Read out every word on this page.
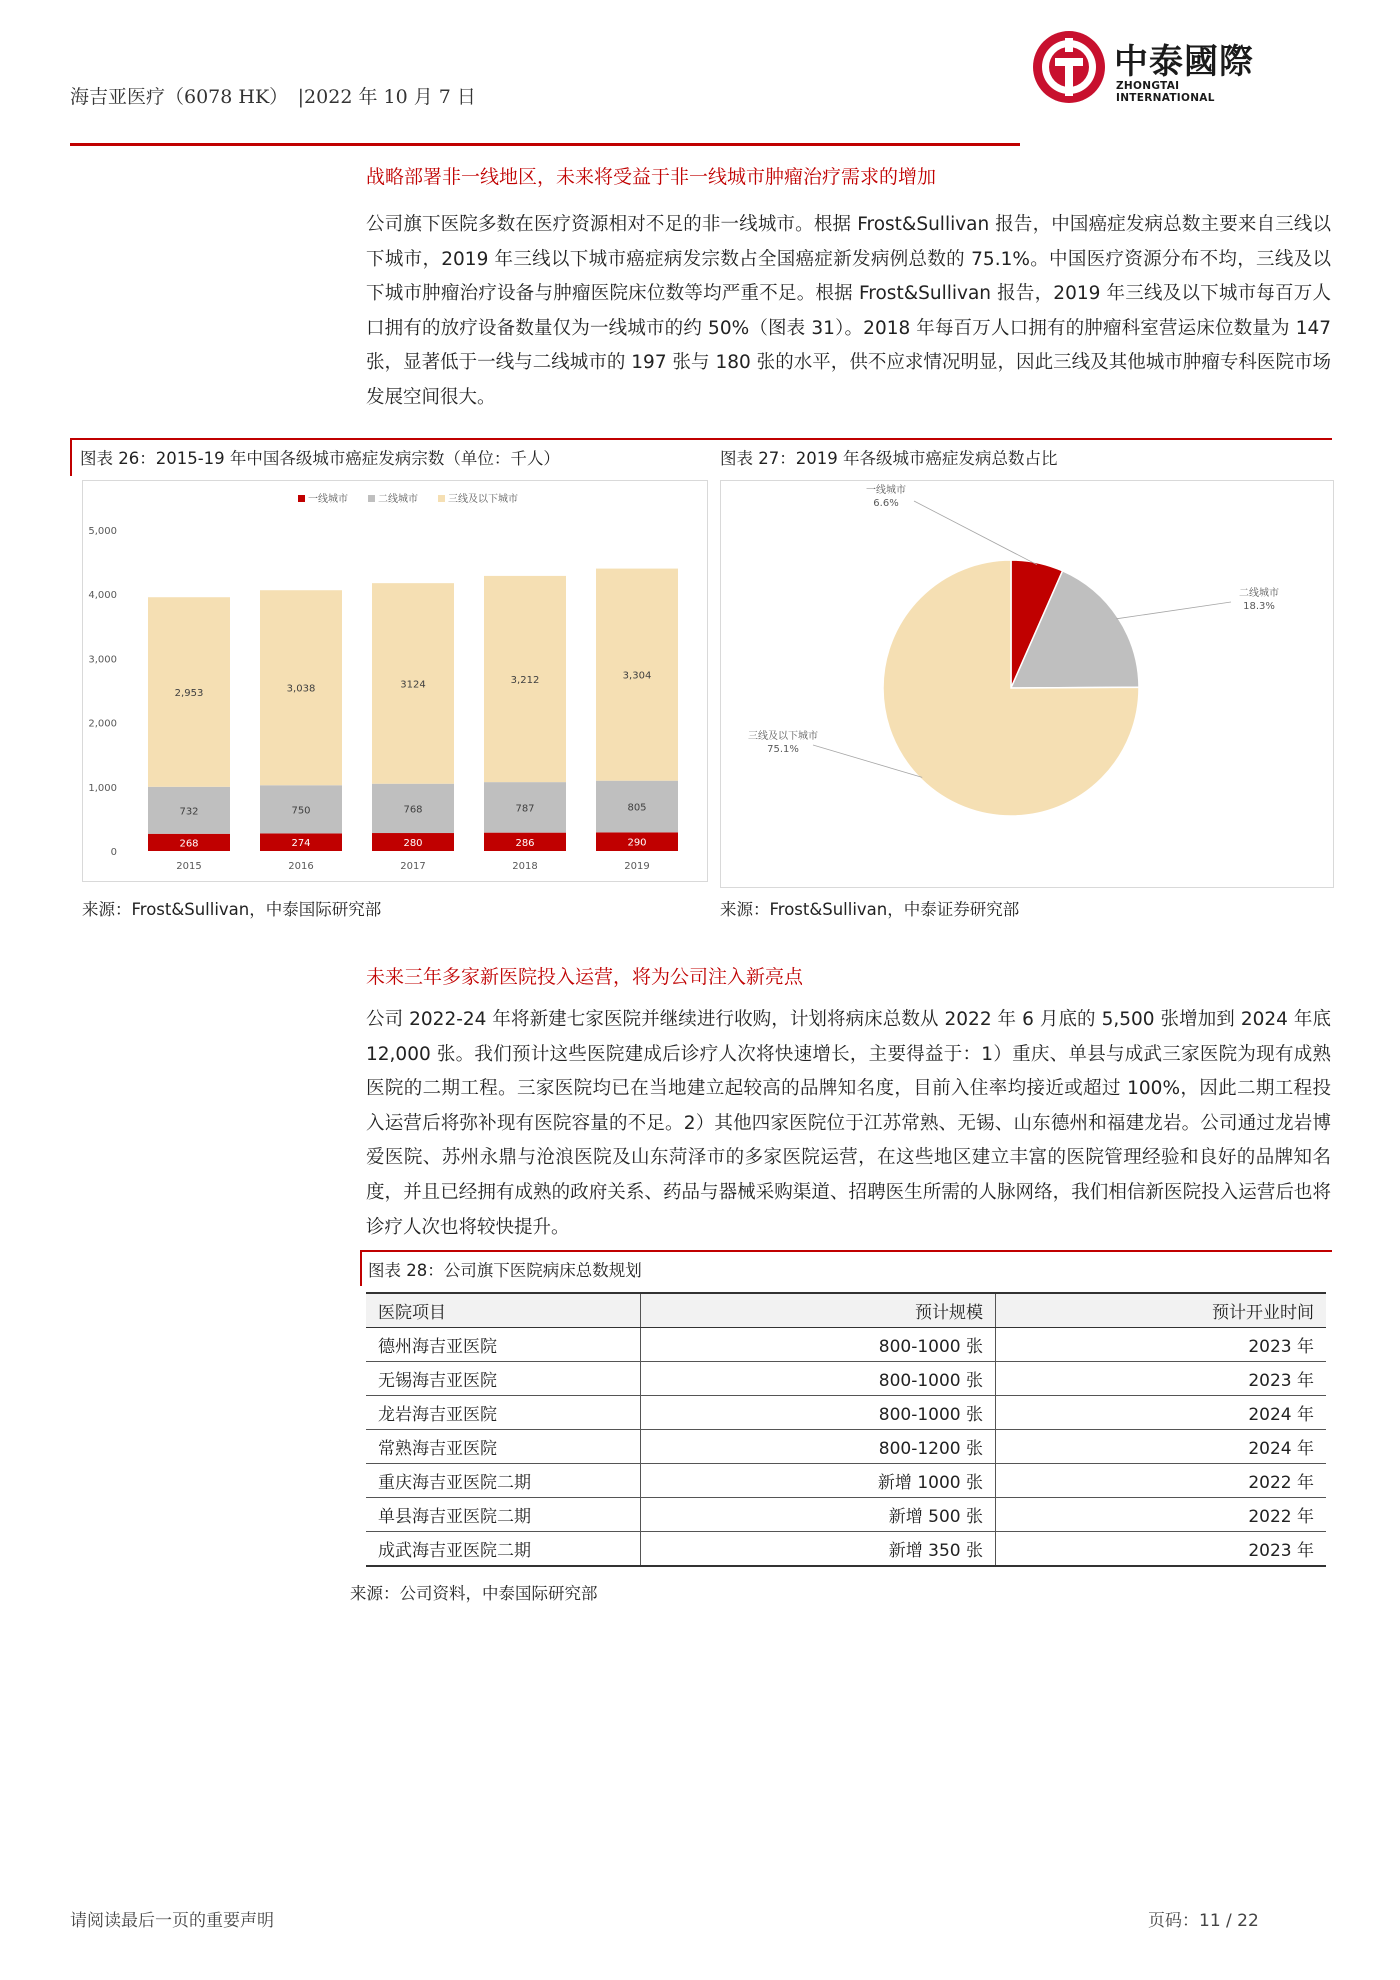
海吉亚医疗（6078 HK）　|2022 年 10 月 7 日
中泰國際
ZHONGTAI INTERNATIONAL
战略部署非一线地区，未来将受益于非一线城市肿瘤治疗需求的增加
公司旗下医院多数在医疗资源相对不足的非一线城市。根据 Frost&Sullivan 报告，中国癌症发病总数主要来自三线以下城市，2019 年三线以下城市癌症病发宗数占全国癌症新发病例总数的 75.1%。中国医疗资源分布不均，三线及以下城市肿瘤治疗设备与肿瘤医院床位数等均严重不足。根据 Frost&Sullivan 报告，2019 年三线及以下城市每百万人口拥有的放疗设备数量仅为一线城市的约 50%（图表 31）。2018 年每百万人口拥有的肿瘤科室营运床位数量为 147 张，显著低于一线与二线城市的 197 张与 180 张的水平，供不应求情况明显，因此三线及其他城市肿瘤专科医院市场发展空间很大。
图表 26：2015-19 年中国各级城市癌症发病宗数（单位：千人）	图表 27：2019 年各级城市癌症发病总数占比
0
1,000
2,000
3,000
4,000
5,000
一线城市	二线城市	三线及以下城市
268
732
2,953
2015
274
750
3,038
2016
280
768
3124
2017
286
787
3,212
2018
290
805
3,304
2019
一线城市
6.6%
二线城市
18.3%
三线及以下城市
75.1%
来源：Frost&Sullivan，中泰国际研究部	来源：Frost&Sullivan，中泰证券研究部
未来三年多家新医院投入运营，将为公司注入新亮点
公司 2022-24 年将新建七家医院并继续进行收购，计划将病床总数从 2022 年 6 月底的 5,500 张增加到 2024 年底 12,000 张。我们预计这些医院建成后诊疗人次将快速增长，主要得益于：1）重庆、单县与成武三家医院为现有成熟医院的二期工程。三家医院均已在当地建立起较高的品牌知名度，目前入住率均接近或超过 100%，因此二期工程投入运营后将弥补现有医院容量的不足。2）其他四家医院位于江苏常熟、无锡、山东德州和福建龙岩。公司通过龙岩博爱医院、苏州永鼎与沧浪医院及山东菏泽市的多家医院运营，在这些地区建立丰富的医院管理经验和良好的品牌知名度，并且已经拥有成熟的政府关系、药品与器械采购渠道、招聘医生所需的人脉网络，我们相信新医院投入运营后也将诊疗人次也将较快提升。
图表 28：公司旗下医院病床总数规划
医院项目	预计规模	预计开业时间
德州海吉亚医院	800-1000 张	2023 年
无锡海吉亚医院	800-1000 张	2023 年
龙岩海吉亚医院	800-1000 张	2024 年
常熟海吉亚医院	800-1200 张	2024 年
重庆海吉亚医院二期	新增 1000 张	2022 年
单县海吉亚医院二期	新增 500 张	2022 年
成武海吉亚医院二期	新增 350 张	2023 年
来源：公司资料，中泰国际研究部
请阅读最后一页的重要声明	页码：11 / 22
